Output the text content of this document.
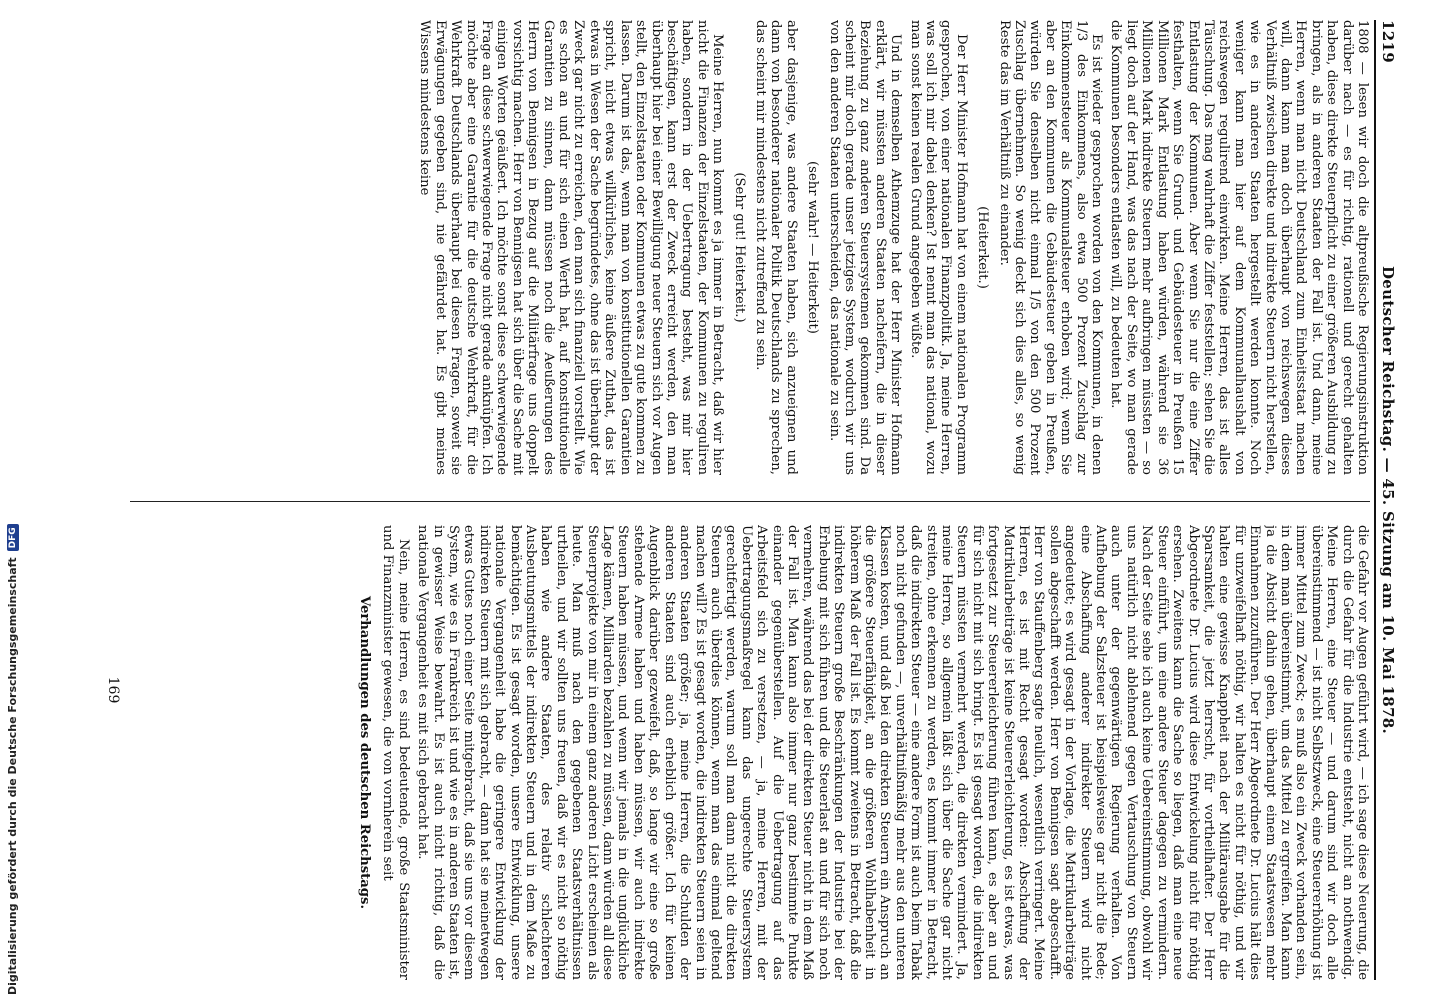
1219
Deutscher Reichstag. — 45. Sitzung am 10. Mai 1878.

1808 — lesen wir doch die altpreußische Regierungsinstruktion darüber nach — es für richtig, rationell und gerecht gehalten haben, diese direkte Steuerpflicht zu einer größeren Ausbildung zu bringen, als in anderen Staaten der Fall ist. Und dann, meine Herren, wenn man nicht Deutschland zum Einheitsstaat machen will, dann kann man doch überhaupt von reichswegen dieses Verhältniß zwischen direkte und indirekte Steuern nicht herstellen, wie es in anderen Staaten hergestellt werden konnte. Noch weniger kann man hier auf dem Kommunalhaushalt von reichswegen regulirend einwirken. Meine Herren, das ist alles Täuschung. Das mag wahrhaft die Ziffer feststellen; sehen Sie die Entlastung der Kommunen. Aber wenn Sie nur die eine Ziffer festhalten, wenn Sie Grund- und Gebäudesteuer in Preußen 15 Millionen Mark Entlastung haben würden, während sie 36 Millionen Mark indirekte Steuern mehr aufbringen müssten — so liegt doch auf der Hand, was das nach der Seite, wo man gerade die Kommunen besonders entlasten will, zu bedeuten hat.

Es ist wieder gesprochen worden von den Kommunen, in denen 1/3 des Einkommens, also etwa 500 Prozent Zuschlag zur Einkommensteuer als Kommunalsteuer erhoben wird; wenn Sie aber an den Kommunen die Gebäudesteuer geben in Preußen, würden Sie denselben nicht einmal 1/5 von den 500 Prozent Zuschlag übernehmen. So wenig deckt sich dies alles, so wenig Reste das im Verhältniß zu einander.

(Heiterkeit.)

Der Herr Minister Hofmann hat von einem nationalen Programm gesprochen, von einer nationalen Finanzpolitik. Ja, meine Herren, was soll ich mir dabei denken? Ist nennt man das national, wozu man sonst keinen realen Grund angegeben wüßte.

Und in demselben Athemzuge hat der Herr Minister Hofmann erklärt, wir müssten anderen Staaten nacheifern, die in dieser Beziehung zu ganz anderen Steuersystemen gekommen sind. Da scheint mir doch gerade unser jetziges System, wodurch wir uns von den anderen Staaten unterscheiden, das nationale zu sein.

(sehr wahr! — Heiterkeit)

aber dasjenige, was andere Staaten haben, sich anzueignen und dann von besonderer nationaler Politik Deutschlands zu sprechen, das scheint mir mindestens nicht zutreffend zu sein.

(Sehr gut! Heiterkeit.)

Meine Herren, nun kommt es ja immer in Betracht, daß wir hier nicht die Finanzen der Einzelstaaten, der Kommunen zu reguliren haben, sondern in der Uebertragung besteht, was mir hier beschäftigen, kann erst der Zweck erreicht werden, den man überhaupt hier bei einer Bewilligung neuer Steuern sich vor Augen stellt, den Einzelstaaten oder Kommunen etwas zu gute kommen zu lassen. Darum ist das, wenn man von konstitutionellen Garantien spricht, nicht etwas willkürliches, keine äußere Zuthat, das ist etwas in Wesen der Sache begründetes, ohne das ist überhaupt der Zweck gar nicht zu erreichen, den man sich finanziell vorstellt. Wie es schon an und für sich einen Werth hat, auf konstitutionelle Garantien zu sinnen, dann müssen noch die Aeußerungen des Herrn von Bennigsen in Bezug auf die Militärfrage uns doppelt vorsichtig machen. Herr von Bennigsen hat sich über die Sache mit einigen Worten geäußert. Ich möchte sonst diese schwerwiegende Frage an diese schwerwiegende Frage nicht gerade anknüpfen. Ich möchte aber eine Garantie für die deutsche Wehrkraft, für die Wehrkraft Deutschlands überhaupt bei diesen Fragen, soweit sie Erwägungen gegeben sind, nie gefährdet hat. Es gibt meines Wissens mindestens keine

die Gefahr vor Augen geführt wird, — ich sage diese Neuerung, die durch die Gefahr für die Industrie entsteht, nicht an nothwendig. Meine Herren, eine Steuer — und darum sind wir doch alle übereinstimmend — ist nicht Selbstzweck, eine Steuererhöhung ist immer Mittel zum Zweck; es muß also ein Zweck vorhanden sein, in dem man übereinstimmt, um das Mittel zu ergreifen. Man kann ja die Absicht dahin gehen, überhaupt einem Staatswesen mehr Einnahmen zuzuführen. Der Herr Abgeordnete Dr. Lucius hält dies für unzweifelhaft nöthig, wir halten es nicht für nöthig, und wir halten eine gewisse Knappheit nach der Militärausgabe für die Sparsamkeit, die jetzt herrscht, für vortheilhafter. Der Herr Abgeordnete Dr. Lucius wird diese Entwickelung nicht für nöthig ersehen. Zweitens kann die Sache so liegen, daß man eine neue Steuer einführt, um eine andere Steuer dagegen zu vermindern. Nach der Seite sehe ich auch keine Uebereinstimmung, obwohl wir uns natürlich nicht ablehnend gegen Vertauschung von Steuern auch unter der gegenwärtigen Regierung verhalten. Von Aufhebung der Salzsteuer ist beispielsweise gar nicht die Rede; eine Abschaffung anderer indirekter Steuern wird nicht angedeutet; es wird gesagt in der Vorlage, die Matrikularbeiträge sollen abgeschafft werden. Herr von Bennigsen sagt abgeschafft. Herr von Stauffenberg sagte neulich, wesentlich verringert. Meine Herren, es ist mit Recht gesagt worden: Abschaffung der Matrikularbeiträge ist keine Steuererleichterung, es ist etwas, was fortgesetzt zur Steuererleichterung führen kann, es aber an und für sich nicht mit sich bringt. Es ist gesagt worden, die indirekten Steuern müssten vermehrt werden, die direkten vermindert. Ja, meine Herren, so allgemein läßt sich über die Sache gar nicht streiten, ohne erkennen zu werden, es kommt immer in Betracht, daß die indirekten Steuer — eine andere Form ist auch beim Tabak noch nicht gefunden —, unverhältnißmäßig mehr aus den unteren Klassen kosten, und daß bei den direkten Steuern ein Anspruch an die größere Steuerfähigkeit, an die größeren Wohlhabenheit in höherem Maß der Fall ist. Es kommt zweitens in Betracht, daß die indirekten Steuern große Beschränkungen der Industrie bei der Erhebung mit sich führen und die Steuerlast an und für sich noch vermehren, während das bei der direkten Steuer nicht in dem Maß der Fall ist. Man kann also immer nur ganz bestimmte Punkte einander gegenüberstellen. Auf die Uebertragung auf das Arbeitsfeld sich zu versetzen, — ja, meine Herren, mit der Uebertragungsmaßregel kann das ungerechte Steuersystem gerechtfertigt werden, warum soll man dann nicht die direkten Steuern auch überdies können, wenn man das einmal geltend machen will? Es ist gesagt worden, die indirekten Steuern seien in anderen Staaten größer; ja, meine Herren, die Schulden der anderen Staaten sind auch erheblich größer. Ich für keinen Augenblick darüber gezweifelt, daß, so lange wir eine so große stehende Armee haben und haben müssen, wir auch indirekte Steuern haben müssen, und wenn wir jemals in die unglückliche Lage kämen, Milliarden bezahlen zu müssen, dann würden all diese Steuerprojekte von mir in einem ganz anderen Licht erscheinen als heute. Man muß nach den gegebenen Staatsverhältnissen urtheilen, und wir sollten uns freuen, daß wir es nicht so nöthig haben wie andere Staaten, des relativ schlechteren Ausbeutungsmittels der indirekten Steuern und in dem Maße zu bemächtigen. Es ist gesagt worden, unsere Entwicklung, unsere nationale Vergangenheit habe die geringere Entwicklung der indirekten Steuern mit sich gebracht, — dann hat sie meinetwegen etwas Gutes noch einer Seite mitgebracht, daß sie uns vor diesem System, wie es in Frankreich ist und wie es in anderen Staaten ist, in gewisser Weise bewahrt. Es ist auch nicht richtig, daß die nationale Vergangenheit es mit sich gebracht hat.

Nein, meine Herren, es sind bedeutende, große Staatsminister und Finanzminister gewesen, die von vornherein seit

Verhandlungen des deutschen Reichstags.

169
Digitalisierung gefördert durch die Deutsche Forschungsgemeinschaft
DFG
